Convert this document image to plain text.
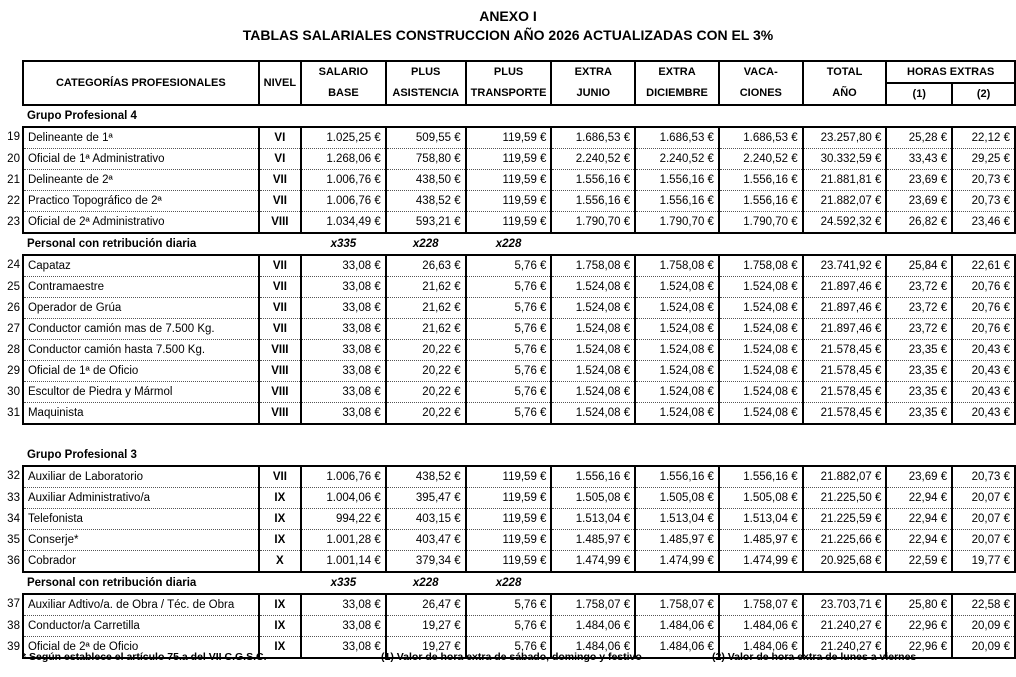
ANEXO I
TABLAS SALARIALES CONSTRUCCION AÑO 2026 ACTUALIZADAS CON EL 3%
	CATEGORÍAS PROFESIONALES	NIVEL	SALARIO	PLUS	PLUS	EXTRA	EXTRA	VACA-	TOTAL	HORAS EXTRAS	
			BASE	ASISTENCIA	TRANSPORTE	JUNIO	DICIEMBRE	CIONES	AÑO	(1)	(2)
	Grupo Profesional 4										
19	Delineante de 1ª	VI	1.025,25 €	509,55 €	119,59 €	1.686,53 €	1.686,53 €	1.686,53 €	23.257,80 €	25,28 €	22,12 €
20	Oficial de 1ª Administrativo	VI	1.268,06 €	758,80 €	119,59 €	2.240,52 €	2.240,52 €	2.240,52 €	30.332,59 €	33,43 €	29,25 €
21	Delineante de 2ª	VII	1.006,76 €	438,50 €	119,59 €	1.556,16 €	1.556,16 €	1.556,16 €	21.881,81 €	23,69 €	20,73 €
22	Practico Topográfico de 2ª	VII	1.006,76 €	438,52 €	119,59 €	1.556,16 €	1.556,16 €	1.556,16 €	21.882,07 €	23,69 €	20,73 €
23	Oficial de 2ª Administrativo	VIII	1.034,49 €	593,21 €	119,59 €	1.790,70 €	1.790,70 €	1.790,70 €	24.592,32 €	26,82 €	23,46 €
	Personal con retribución diaria		x335	x228	x228						
24	Capataz	VII	33,08 €	26,63 €	5,76 €	1.758,08 €	1.758,08 €	1.758,08 €	23.741,92 €	25,84 €	22,61 €
25	Contramaestre	VII	33,08 €	21,62 €	5,76 €	1.524,08 €	1.524,08 €	1.524,08 €	21.897,46 €	23,72 €	20,76 €
26	Operador de Grúa	VII	33,08 €	21,62 €	5,76 €	1.524,08 €	1.524,08 €	1.524,08 €	21.897,46 €	23,72 €	20,76 €
27	Conductor camión mas de 7.500 Kg.	VII	33,08 €	21,62 €	5,76 €	1.524,08 €	1.524,08 €	1.524,08 €	21.897,46 €	23,72 €	20,76 €
28	Conductor camión hasta 7.500 Kg.	VIII	33,08 €	20,22 €	5,76 €	1.524,08 €	1.524,08 €	1.524,08 €	21.578,45 €	23,35 €	20,43 €
29	Oficial de 1ª de Oficio	VIII	33,08 €	20,22 €	5,76 €	1.524,08 €	1.524,08 €	1.524,08 €	21.578,45 €	23,35 €	20,43 €
30	Escultor de Piedra y Mármol	VIII	33,08 €	20,22 €	5,76 €	1.524,08 €	1.524,08 €	1.524,08 €	21.578,45 €	23,35 €	20,43 €
31	Maquinista	VIII	33,08 €	20,22 €	5,76 €	1.524,08 €	1.524,08 €	1.524,08 €	21.578,45 €	23,35 €	20,43 €

	Grupo Profesional 3										
32	Auxiliar de Laboratorio	VII	1.006,76 €	438,52 €	119,59 €	1.556,16 €	1.556,16 €	1.556,16 €	21.882,07 €	23,69 €	20,73 €
33	Auxiliar Administrativo/a	IX	1.004,06 €	395,47 €	119,59 €	1.505,08 €	1.505,08 €	1.505,08 €	21.225,50 €	22,94 €	20,07 €
34	Telefonista	IX	994,22 €	403,15 €	119,59 €	1.513,04 €	1.513,04 €	1.513,04 €	21.225,59 €	22,94 €	20,07 €
35	Conserje*	IX	1.001,28 €	403,47 €	119,59 €	1.485,97 €	1.485,97 €	1.485,97 €	21.225,66 €	22,94 €	20,07 €
36	Cobrador	X	1.001,14 €	379,34 €	119,59 €	1.474,99 €	1.474,99 €	1.474,99 €	20.925,68 €	22,59 €	19,77 €
	Personal con retribución diaria		x335	x228	x228						
37	Auxiliar Adtivo/a. de Obra / Téc. de Obra	IX	33,08 €	26,47 €	5,76 €	1.758,07 €	1.758,07 €	1.758,07 €	23.703,71 €	25,80 €	22,58 €
38	Conductor/a Carretilla	IX	33,08 €	19,27 €	5,76 €	1.484,06 €	1.484,06 €	1.484,06 €	21.240,27 €	22,96 €	20,09 €
39	Oficial de 2ª de Oficio	IX	33,08 €	19,27 €	5,76 €	1.484,06 €	1.484,06 €	1.484,06 €	21.240,27 €	22,96 €	20,09 €
* Según establece el artículo 75.a del VII C.G.S.C.	(1) Valor de hora extra de sábado, domingo y festivo	(2) Valor de hora extra de lunes a viernes
